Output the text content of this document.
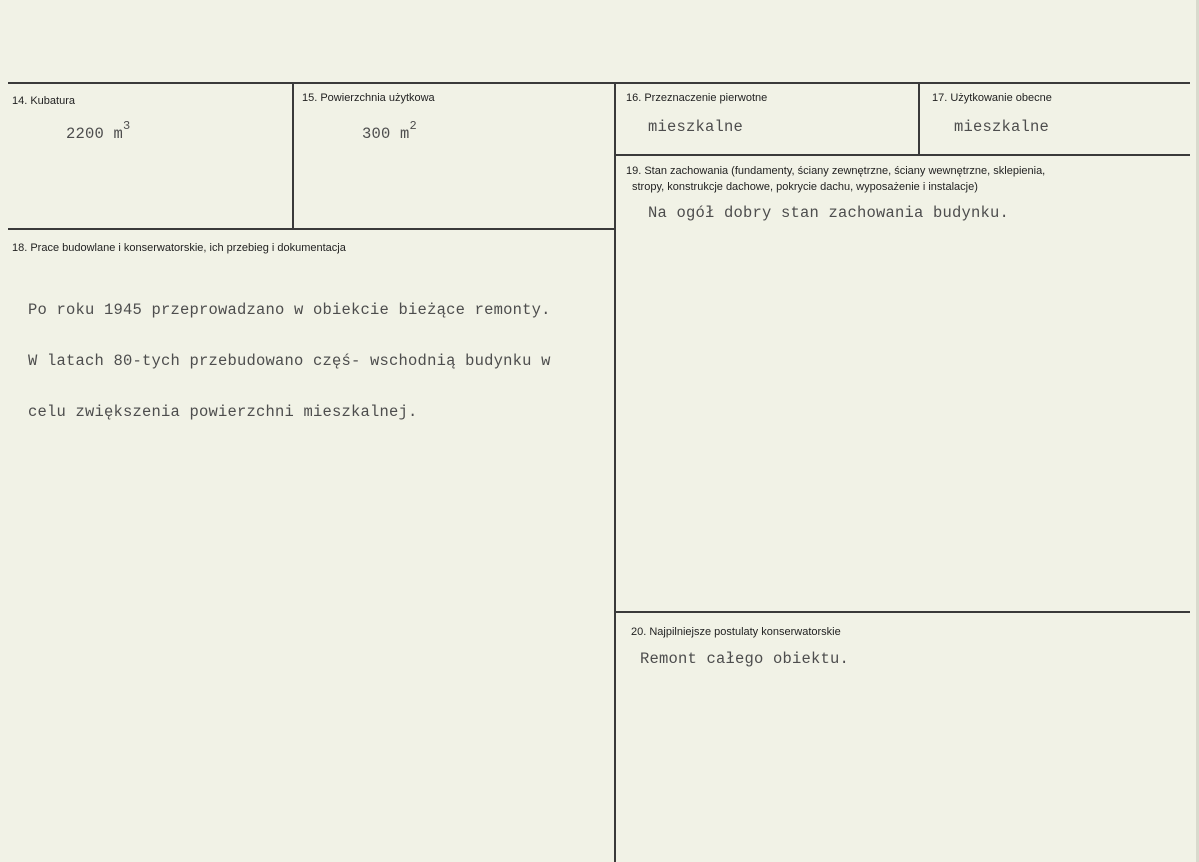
14. Kubatura
2200 $m^3$
15. Powierzchnia użytkowa
300 $m^2$
16. Przeznaczenie pierwotne
mieszkalne
17. Użytkowanie obecne
mieszkalne
18. Prace budowlane i konserwatorskie, ich przebieg i dokumentacja

Po roku 1945 przeprowadzano w obiekcie bieżące remonty.

W latach 80-tych przebudowano częś- wschodnią budynku w

celu zwiększenia powierzchni mieszkalnej.

19. Stan zachowania (fundamenty, ściany zewnętrzne, ściany wewnętrzne, sklepienia,
stropy, konstrukcje dachowe, pokrycie dachu, wyposażenie i instalacje)
Na ogół dobry stan zachowania budynku.
20. Najpilniejsze postulaty konserwatorskie
Remont całego obiektu.
